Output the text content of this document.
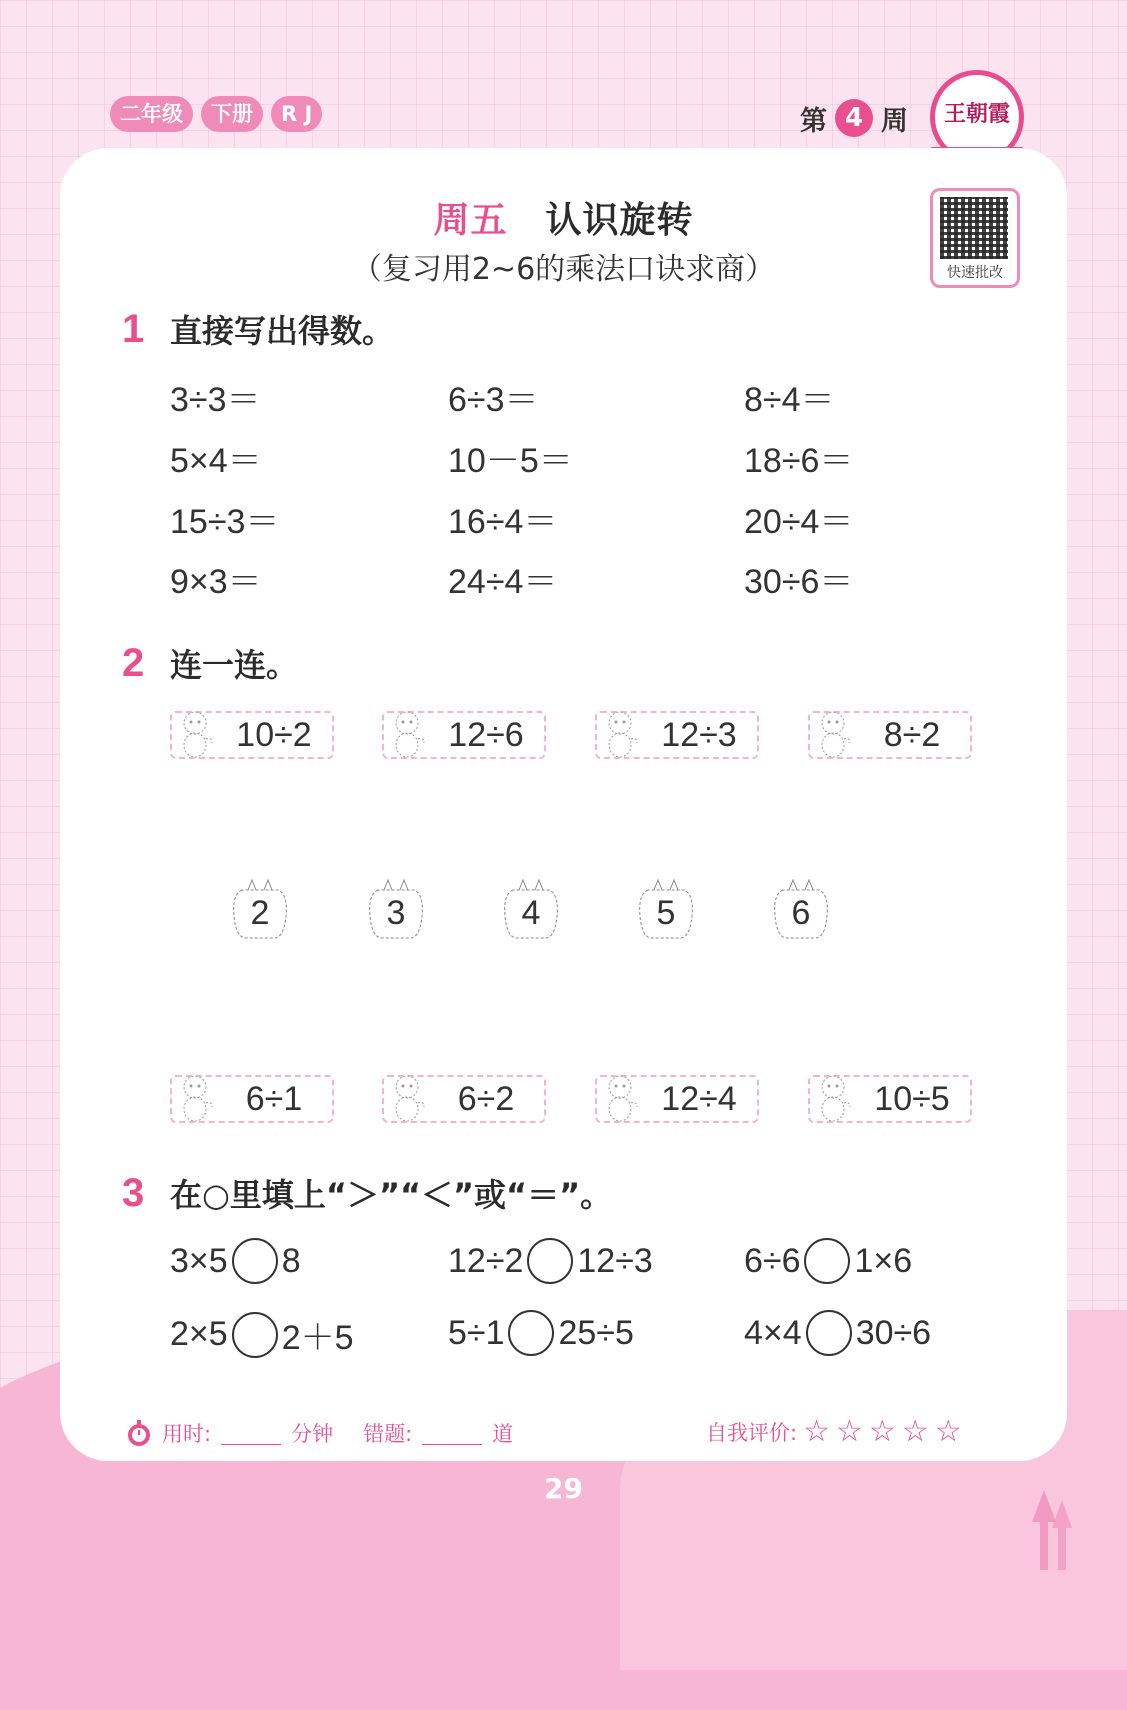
二年级	下册	R J	第 4 周	王朝霞
快速批改
周五 认识旋转
（复习用2~6的乘法口诀求商）
1 直接写出得数。
3÷3＝	6÷3＝	8÷4＝
5×4＝	10－5＝	18÷6＝
15÷3＝	16÷4＝	20÷4＝
9×3＝	24÷4＝	30÷6＝
2 连一连。
10÷2	12÷6	12÷3	8÷2
2	3	4	5	6
6÷1	6÷2	12÷4	10÷5
3 在○里填上“＞”“＜”或“＝”。
3×5 8	12÷2 12÷3	6÷6 1×6
2×5 2＋5	5÷1 25÷5	4×4 30÷6
用时:	分钟 错题:	道	自我评价: ☆ ☆ ☆ ☆ ☆
29
